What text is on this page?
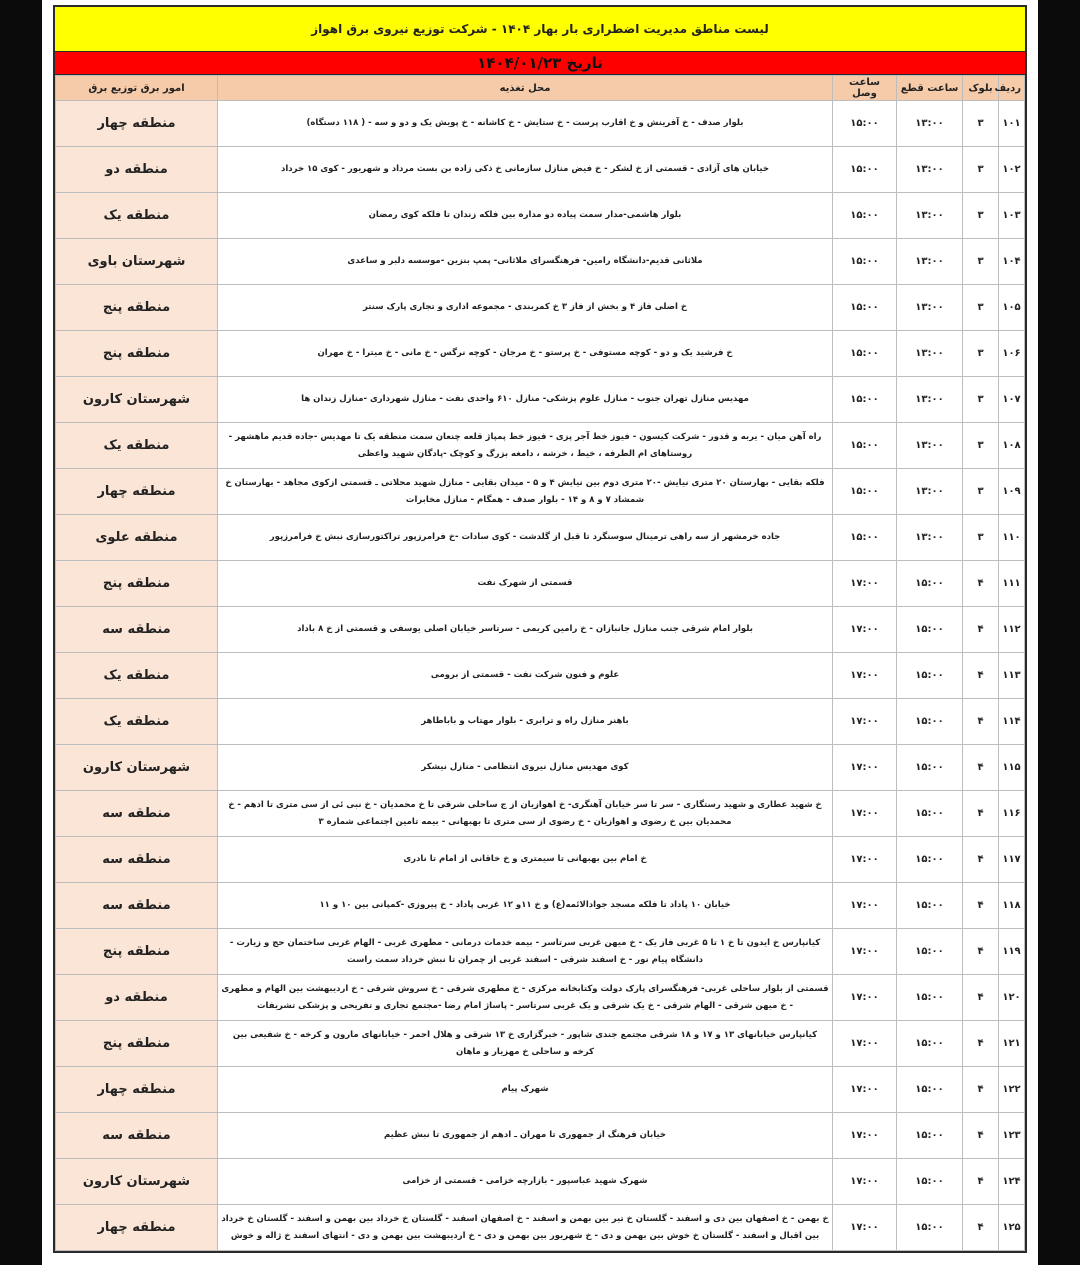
لیست مناطق مدیریت اضطراری بار بهار ۱۴۰۴ - شرکت توزیع نیروی برق اهواز
تاریخ ۱۴۰۴/۰۱/۲۳
ردیف	بلوک	ساعت قطع	ساعت وصل	محل تغذیه	امور برق توزیع برق
۱۰۱	۳	۱۳:۰۰	۱۵:۰۰	بلوار صدف - خ آفرینش و خ اقارب پرست - خ ستایش - خ کاشانه - خ پویش یک و دو و سه - ( ۱۱۸ دستگاه)	منطقه چهار
۱۰۲	۳	۱۳:۰۰	۱۵:۰۰	خیابان های آزادی - قسمتی از خ لشکر - خ فیض منازل سازمانی خ ذکی زاده بن بست مرداد و شهریور - کوی ۱۵ خرداد	منطقه دو
۱۰۳	۳	۱۳:۰۰	۱۵:۰۰	بلوار هاشمی-مدار سمت پیاده دو مداره بین فلکه زندان تا فلکه کوی رمضان	منطقه یک
۱۰۴	۳	۱۳:۰۰	۱۵:۰۰	ملاثانی قدیم-دانشگاه رامین- فرهنگسرای ملاثانی- پمپ بنزین -موسسه دلبر و ساعدی	شهرستان باوی
۱۰۵	۳	۱۳:۰۰	۱۵:۰۰	خ اصلی فاز ۴ و بخش از فاز ۳ خ کمربندی - مجموعه اداری و تجاری پارک سنتر	منطقه پنج
۱۰۶	۳	۱۳:۰۰	۱۵:۰۰	خ فرشید یک و دو - کوچه مستوفی - خ پرستو - خ مرجان - کوچه نرگس - خ مانی - خ میترا - خ مهران	منطقه پنج
۱۰۷	۳	۱۳:۰۰	۱۵:۰۰	مهدیس منازل تهران جنوب - منازل علوم پزشکی- منازل ۶۱۰ واحدی نفت - منازل شهرداری -منازل زندان ها	شهرستان کارون
۱۰۸	۳	۱۳:۰۰	۱۵:۰۰	راه آهن میان - یربه و قدور - شرکت کیسون - فیوز خط آجر پزی - فیوز خط پمپاژ قلعه چنعان سمت منطقه یک تا مهدیس -جاده قدیم ماهشهر - روستاهای ام الطرفه ، خیط ، خرشه ، دامغه بزرگ و کوچک -پادگان شهید واعظی	منطقه یک
۱۰۹	۳	۱۳:۰۰	۱۵:۰۰	فلکه بقایی - بهارستان ۲۰ متری نیایش -۲۰ متری دوم بین نیایش ۴ و ۵ - میدان بقایی - منازل شهید محلاتی ـ قسمتی ازکوی مجاهد - بهارستان خ شمشاد ۷ و ۸ و ۱۴ - بلوار صدف - همگام - منازل مخابرات	منطقه چهار
۱۱۰	۳	۱۳:۰۰	۱۵:۰۰	جاده خرمشهر از سه راهی ترمینال سوسنگرد تا قبل از گلدشت - کوی سادات -خ فرامرزپور تراکتورسازی نبش خ فرامرزپور	منطقه علوی
۱۱۱	۴	۱۵:۰۰	۱۷:۰۰	قسمتی از شهرک نفت	منطقه پنج
۱۱۲	۴	۱۵:۰۰	۱۷:۰۰	بلوار امام شرقی جنب منازل جانبازان - خ رامین کریمی - سرتاسر خیابان اصلی یوسفی و قسمتی از خ ۸ باداد	منطقه سه
۱۱۳	۴	۱۵:۰۰	۱۷:۰۰	علوم و فنون شرکت نفت - قسمتی از برومی	منطقه یک
۱۱۴	۴	۱۵:۰۰	۱۷:۰۰	باهنر منازل راه و ترابری - بلوار مهتاب و باباطاهر	منطقه یک
۱۱۵	۴	۱۵:۰۰	۱۷:۰۰	کوی مهدیس منازل نیروی انتظامی - منازل نیشکر	شهرستان کارون
۱۱۶	۴	۱۵:۰۰	۱۷:۰۰	خ شهید عطاری و شهید رستگاری - سر تا سر خیابان آهنگری- خ اهوازیان از ج ساحلی شرقی تا خ محمدیان - خ نبی ئی از سی متری تا ادهم - خ محمدیان بین خ رضوی و اهوازیان - خ رضوی از سی متری تا بهبهانی - بیمه تامین اجتماعی شماره ۳	منطقه سه
۱۱۷	۴	۱۵:۰۰	۱۷:۰۰	خ امام بین بهبهانی تا سیمتری و خ خاقانی از امام تا نادری	منطقه سه
۱۱۸	۴	۱۵:۰۰	۱۷:۰۰	خیابان ۱۰ پاداد تا فلکه مسجد جوادالائمه(ع) و خ ۱۱و ۱۲ غربی پاداد - خ پیروزی -کمپانی بین ۱۰ و ۱۱	منطقه سه
۱۱۹	۴	۱۵:۰۰	۱۷:۰۰	کیانپارس خ ایدون تا خ ۱ تا ۵ غربی فاز یک - خ میهن غربی سرتاسر - بیمه خدمات درمانی - مطهری غربی - الهام غربی ساختمان حج و زیارت - دانشگاه پیام نور - خ اسفند شرقی - اسفند غربی از چمران تا نبش خرداد سمت راست	منطقه پنج
۱۲۰	۴	۱۵:۰۰	۱۷:۰۰	قسمتی از بلوار ساحلی غربی- فرهنگسرای پارک دولت وکتابخانه مرکزی - خ مطهری شرقی - خ سروش شرقی - خ اردیبهشت بین الهام و مطهری - خ میهن شرقی - الهام شرقی - خ یک شرقی و یک غربی سرتاسر - پاساژ امام رضا -مجتمع تجاری و تفریحی و پزشکی تشریفات	منطقه دو
۱۲۱	۴	۱۵:۰۰	۱۷:۰۰	کیانپارس خیابانهای ۱۳ و ۱۷ و ۱۸ شرقی مجتمع جندی شاپور - خبرگزاری خ ۱۳ شرقی و هلال احمر - خیابانهای مارون و کرخه - خ شفیعی بین کرخه و ساحلی خ مهزیار و ماهان	منطقه پنج
۱۲۲	۴	۱۵:۰۰	۱۷:۰۰	شهرک پیام	منطقه چهار
۱۲۳	۴	۱۵:۰۰	۱۷:۰۰	خیابان فرهنگ از جمهوری تا مهران ـ ادهم از جمهوری تا نبش عظیم	منطقه سه
۱۲۴	۴	۱۵:۰۰	۱۷:۰۰	شهرک شهید عباسپور - بازارچه خزامی - قسمتی از خزامی	شهرستان کارون
۱۲۵	۴	۱۵:۰۰	۱۷:۰۰	خ بهمن - خ اصفهان بین دی و اسفند - گلستان خ تیر بین بهمن و اسفند - خ اصفهان اسفند - گلستان خ خرداد بین بهمن و اسفند - گلستان خ خرداد بین اقبال و اسفند - گلستان خ خوش بین بهمن و دی - خ شهریور بین بهمن و دی - خ اردیبهشت بین بهمن و دی - انتهای اسفند خ ژاله و خوش	منطقه چهار
